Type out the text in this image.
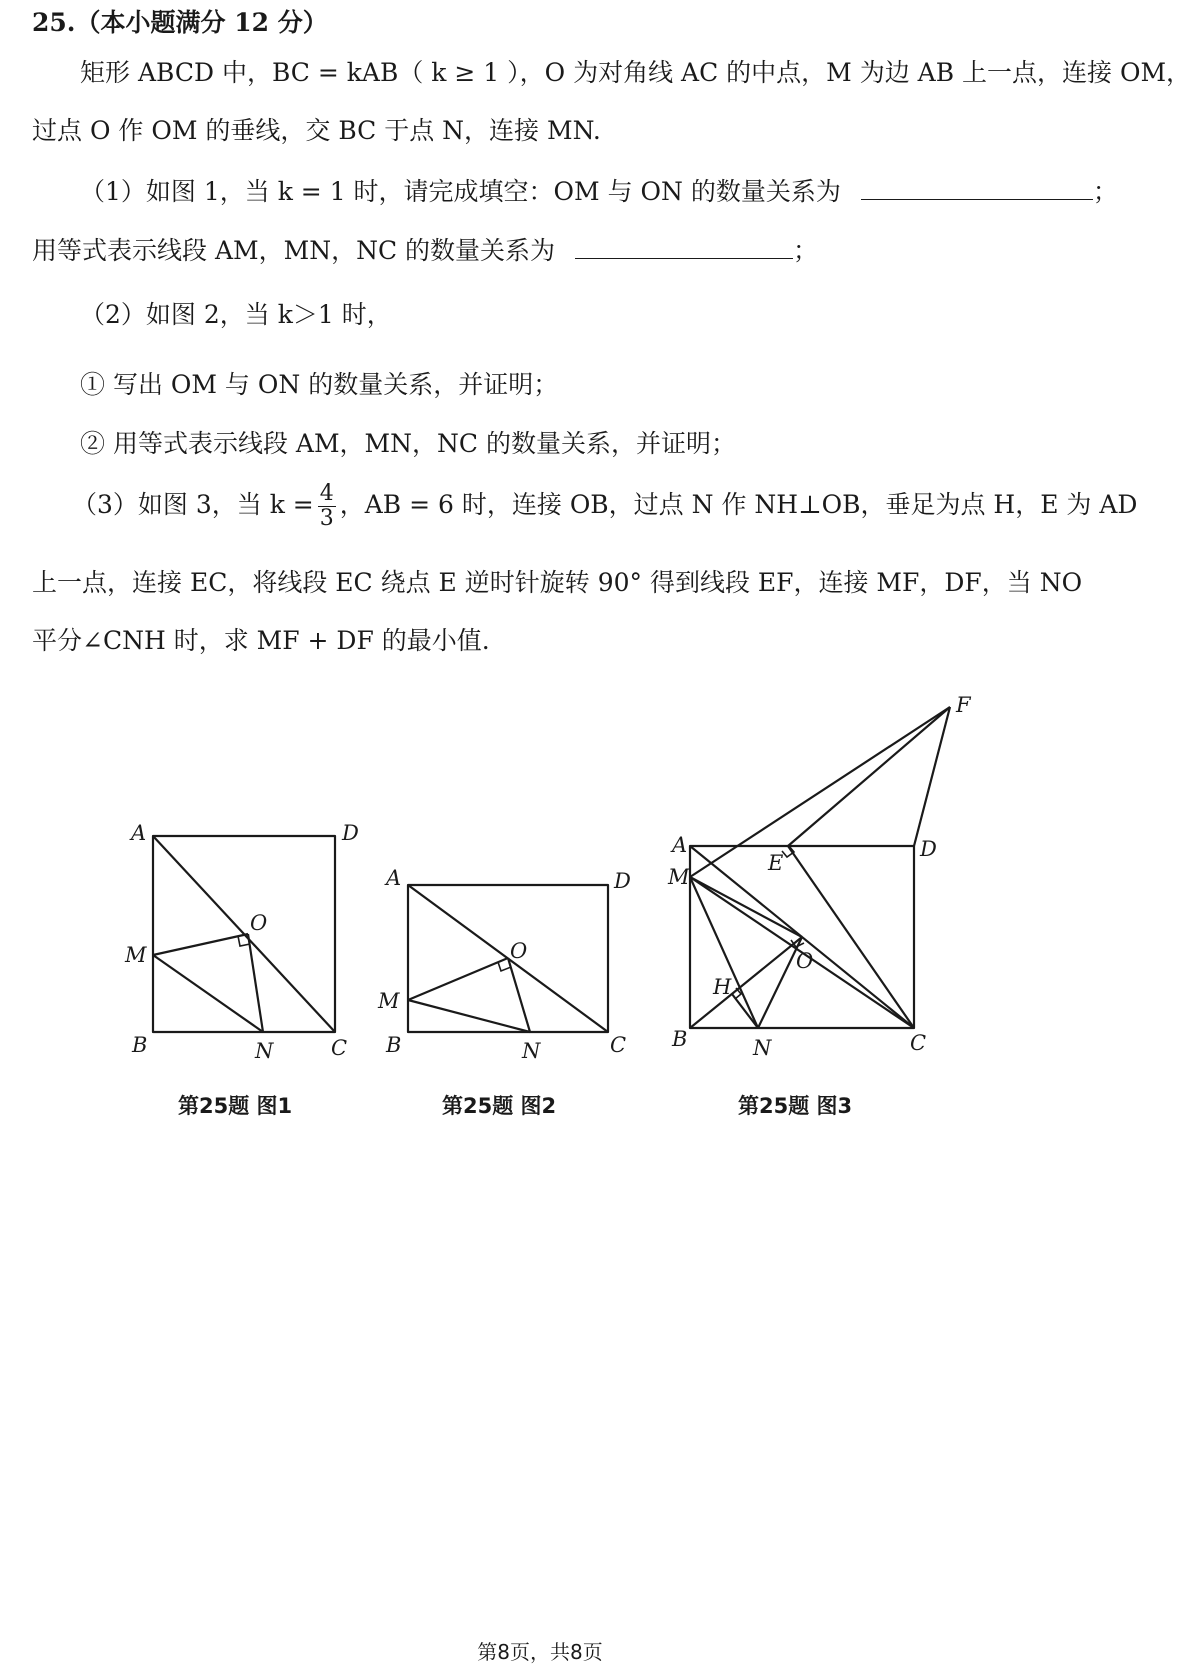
25.（本小题满分 12 分）
矩形 ABCD 中，BC = kAB（ k ≥ 1 ），O 为对角线 AC 的中点，M 为边 AB 上一点，连接 OM，
过点 O 作 OM 的垂线，交 BC 于点 N，连接 MN.
（1）如图 1，当 k = 1 时，请完成填空：OM 与 ON 的数量关系为	；
用等式表示线段 AM，MN，NC 的数量关系为	；
（2）如图 2，当 k＞1 时，
① 写出 OM 与 ON 的数量关系，并证明；
② 用等式表示线段 AM，MN，NC 的数量关系，并证明；
（3）如图 3，当 $k = \frac{4}{3}$ ，AB = 6 时，连接 OB，过点 N 作 NH⊥OB，垂足为点 H，E 为 AD
上一点，连接 EC，将线段 EC 绕点 E 逆时针旋转 90° 得到线段 EF，连接 MF，DF，当 NO
平分∠CNH 时，求 MF + DF 的最小值.
A	D
M
O
B	N	C
A	D
M
O
B	N	C
F
A	D
E
M
O
H
B	N	C
第25题 图1	第25题 图2	第25题 图3
第8页，共8页
